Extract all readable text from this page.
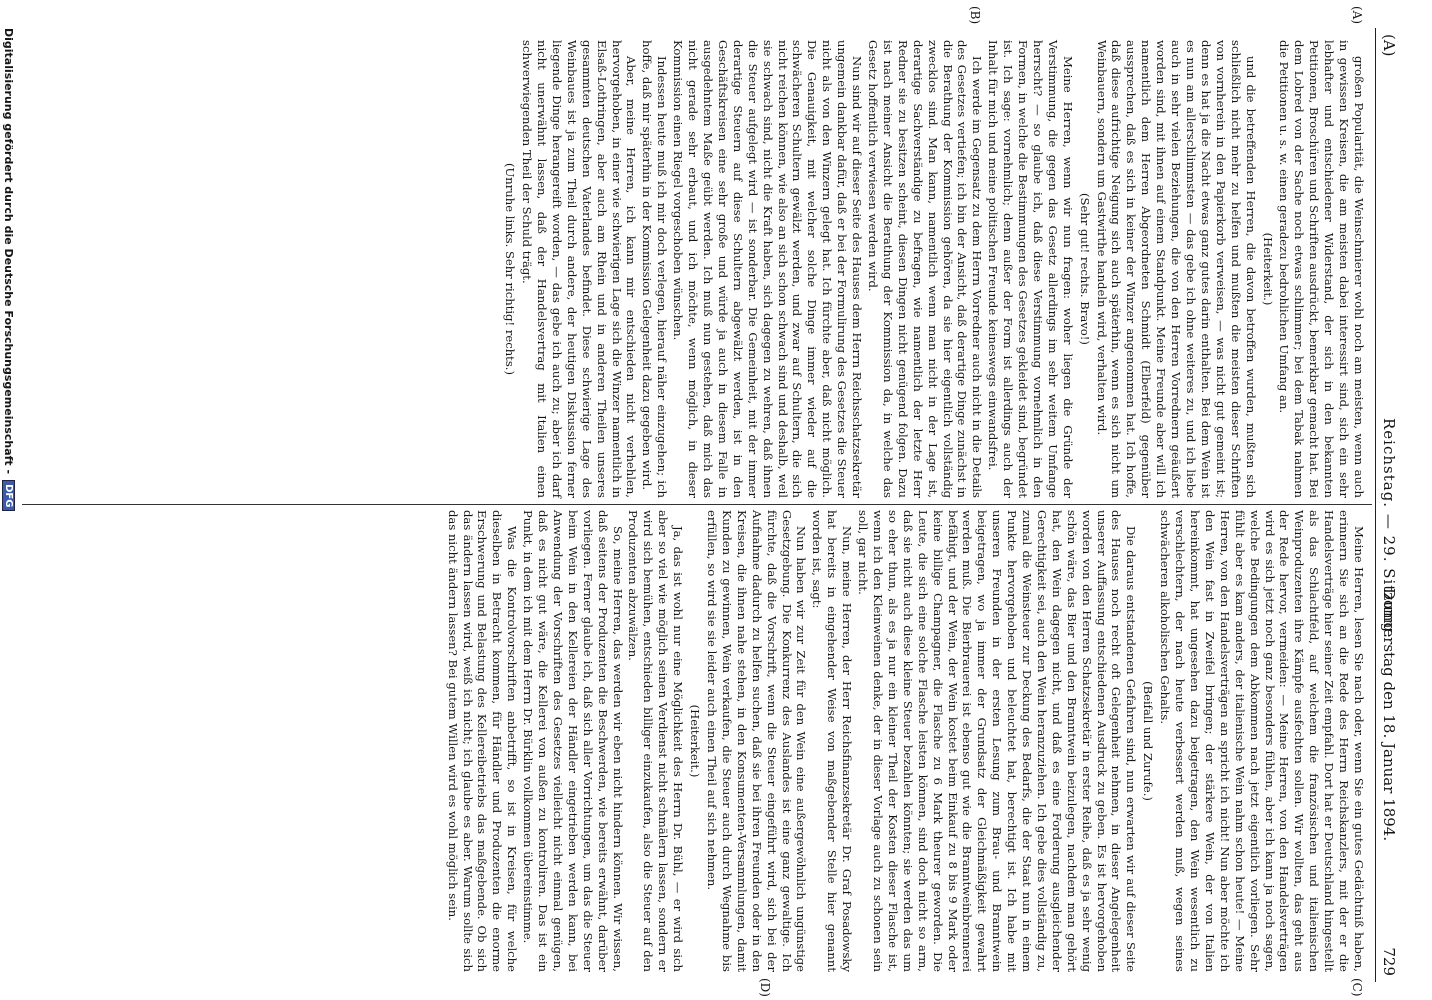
(A)
Reichstag. — 29. Sitzung.
Donnerstag den 18. Januar 1894.
729
(A)
(B)
(C)
(D)

großen Popularität, die Weinschmierer wohl noch am meisten, wenn auch in gewissen Kreisen, die am meisten dabei interessirt sind, sich ein sehr lebhafter und entschiedener Widerstand, der sich in den bekannten Petitionen, Broschüren und Schriften ausdrückt, bemerkbar gemacht hat. Bei dem Lobred von der Sache noch etwas schlimmer; bei dem Tabak nahmen die Petitionen u. s. w. einen geradezu bedrohlichen Umfang an.

(Heiterkeit.)

und die betreffenden Herren, die davon betroffen wurden, mußten sich schließlich nicht mehr zu helfen und mußten die meisten dieser Schriften von vornherein in den Papierkorb verweisen, — was nicht gut gemeint ist; denn es hat ja die Nacht etwas ganz gutes darin enthalten. Bei dem Wein ist es nun am allerschlimmsten — das gebe ich ohne weiteres zu, und ich liebe auch in sehr vielen Beziehungen, die von den Herren Vorrednern geäußert worden sind, mit ihnen auf einem Standpunkt. Meine Freunde aber will ich namentlich dem Herren Abgeordneten Schmidt (Elberfeld) gegenüber aussprechen, daß es sich in keiner der Winzer angenommen hat. Ich hoffe, daß diese aufrichtige Neigung sich auch späterhin, wenn es sich nicht um Weinbauern, sondern um Gastwirthe handeln wird, verhalten wird.

(Sehr gut! rechts. Bravo!)

Meine Herren, wenn wir nun fragen: woher liegen die Gründe der Verstimmung, die gegen das Gesetz allerdings im sehr weitem Umfange herrscht? — so glaube ich, daß diese Verstimmung vornehmlich in den Formen, in welche die Bestimmungen des Gesetzes gekleidet sind, begründet ist. Ich sage: vornehmlich; denn außer der Form ist allerdings auch der Inhalt für mich und meine politischen Freunde keineswegs einwandsfrei.

Ich werde im Gegensatz zu dem Herrn Vorredner auch nicht in die Details des Gesetzes vertiefen; ich bin der Ansicht, daß derartige Dinge zunächst in die Berathung der Kommission gehören, da sie hier eigentlich vollständig zwecklos sind. Man kann, namentlich wenn man nicht in der Lage ist, derartige Sachverständige zu befragen, wie namentlich der letzte Herr Redner sie zu besitzen scheint, diesen Dingen nicht genügend folgen. Dazu ist nach meiner Ansicht die Berathung der Kommission da, in welche das Gesetz hoffentlich verwiesen werden wird.

Nun sind wir auf dieser Seite des Hauses dem Herrn Reichsschatzsekretär ungemein dankbar dafür, daß er bei der Formulirung des Gesetzes die Steuer nicht als von den Winzern gelegt hat. Ich fürchte aber, daß nicht möglich. Die Genauigkeit, mit welcher solche Dinge immer wieder auf die schwächeren Schultern gewälzt werden, und zwar auf Schultern, die sich nicht reichen können, wie also an sich schon schwach sind und deshalb, weil sie schwach sind, nicht die Kraft haben, sich dagegen zu wehren, daß ihnen die Steuer aufgelegt wird — ist sonderbar. Die Gemeinheit, mit der immer derartige Steuern auf diese Schultern abgewälzt werden, ist in den Geschäftskreisen eine sehr große und würde ja auch in diesem Falle in ausgedehntem Maße geübt werden. Ich muß nun gestehen, daß mich das nicht gerade sehr erbaut, und ich möchte, wenn möglich, in dieser Kommission einen Riegel vorgeschoben wünschen.

Indessen heute muß ich mir doch verlegen, hierauf näher einzugehen; ich hoffe, daß mir späterhin in der Kommission Gelegenheit dazu gegeben wird.

Aber, meine Herren, ich kann mir entschieden nicht verhehlen, hervorgehoben, in einer wie schwierigen Lage sich die Winzer namentlich in Elsaß-Lothringen, aber auch am Rhein und in anderen Theilen unseres gesammten deutschen Vaterlandes befindet. Diese schwierige Lage des Weinbaues ist ja zum Theil durch andere, der heutigen Diskussion ferner liegende Dinge herangereift worden, — das gebe ich auch zu; aber ich darf nicht unerwähnt lassen, daß der Handelsvertrag mit Italien einen schwerwiegenden Theil der Schuld trägt.

(Unruhe links. Sehr richtig! rechts.)

Meine Herren, lesen Sie nach oder, wenn Sie ein gutes Gedächtniß haben, erinnern Sie sich an die Rede des Herrn Reichskanzlers, mit der er die Handelsverträge hier seiner Zeit empfahl. Dort hat er Deutschland hingestellt als das Schlachtfeld, auf welchem die französischen und italienischen Weinproduzenten ihre Kämpfe ausfechten sollen. Wir wollten, das geht aus der Rede hervor, vermeiden: — Meine Herren, von den Handelsverträgen wird es sich jetzt noch ganz besonders fühlen, aber ich kann ja noch sagen, welche Bedingungen dem Abkommen nach jetzt eigentlich vorliegen. Sehr fühlt aber es kam anders, der italienische Wein nahm schon heute! — Meine Herren, von den Handelsverträgen an spricht ich nicht! Nun aber möchte ich den Wein fast in Zweifel bringen; der stärkere Wein, der von Italien hereinkommt, hat ungesehen dazu beigetragen, den Wein wesentlich zu verschlechtern, der nach heute verbessert werden muß, wegen seines schwächeren alkoholischen Gehalts.

(Beifall und Zurufe.)

Die daraus entstandenen Gefahren sind, nun erwarten wir auf dieser Seite des Hauses noch recht oft Gelegenheit nehmen, in dieser Angelegenheit unserer Auffassung entschiedenen Ausdruck zu geben. Es ist hervorgehoben worden von den Herren Schatzsekretär in erster Reihe, daß es ja sehr wenig schön wäre, das Bier und den Branntwein beizulegen, nachdem man gehört hat, den Wein dagegen nicht, und daß es eine Forderung ausgleichender Gerechtigkeit sei, auch den Wein heranzuziehen. Ich gebe dies vollständig zu, zumal die Weinsteuer zur Deckung des Bedarfs, die der Staat nun in einem Punkte hervorgehoben und beleuchtet hat, berechtigt ist. Ich habe mit unseren Freunden in der ersten Lesung zum Brau- und Branntwein beigetragen, wo ja immer der Grundsatz der Gleichmäßigkeit gewahrt werden muß. Die Bierbrauerei ist ebenso gut wie die Branntweinbrennerei befähigt, und der Wein, der Wein kostet beim Einkauf zu 8 bis 9 Mark oder keine billige Champagner, die Flasche zu 6 Mark theurer geworden. Die Leute, die sich eine solche Flasche leisten können, sind doch nicht so arm, daß sie nicht auch diese kleine Steuer bezahlen könnten; sie werden das um so eher thun, als es ja nur ein kleiner Theil der Kosten dieser Flasche ist, wenn ich den Kleinweinen denke, der in dieser Vorlage auch zu schonen sein soll, gar nicht.

Nun, meine Herren, der Herr Reichsfinanzsekretär Dr. Graf Posadowsky hat bereits in eingehender Weise von maßgebender Stelle hier genannt worden ist, sagt:

Nun haben wir zur Zeit für den Wein eine außergewöhnlich ungünstige Gesetzgebung. Die Konkurrenz des Auslandes ist eine ganz gewaltige. Ich fürchte, daß die Vorschrift, wenn die Steuer eingeführt wird, sich bei der Aufnahme dadurch zu helfen suchen, daß sie bei ihren Freunden oder in den Kreisen, die ihnen nahe stehen, in den Konsumenten-Versammlungen, damit Kunden zu gewinnen, Wein verkaufen, die Steuer auch durch Wegnahme bis erfüllen, so wird sie sie leider auch einen Theil auf sich nehmen.

(Heiterkeit.)

Ja, das ist wohl nur eine Möglichkeit des Herrn Dr. Bühl, — er wird sich aber so viel wie möglich seinen Verdienst nicht schmälern lassen, sondern er wird sich bemühen, entschieden billiger einzukaufen, also die Steuer auf den Produzenten abzuwälzen.

So, meine Herren, das werden wir eben nicht hindern können. Wir wissen, daß seitens der Produzenten die Beschwerden, wie bereits erwähnt, darüber vorliegen. Ferner glaube ich, daß sich aller Vorrichtungen, um das die Steuer beim Wein in den Kellereien der Händler eingetrieben werden kann, bei Anwendung der Vorschriften des Gesetzes vielleicht nicht einmal genügen, daß es nicht gut wäre, die Kellerei von außen zu kontroliren. Das ist ein Punkt, in dem ich mit dem Herrn Dr. Bürklin vollkommen übereinstimme.

Was die Kontrolvorschriften anbetrifft, so ist in Kreisen, für welche dieselben in Betracht kommen, für Händler und Produzenten die enorme Erschwerung und Belastung des Kellereibetriebs das maßgebende. Ob sich das ändern lassen wird, weiß ich nicht; ich glaube es aber. Warum sollte sich das nicht ändern lassen? Bei gutem Willen wird es wohl möglich sein.

Digitalisierung gefördert durch die Deutsche Forschungsgemeinschaft -DFG
